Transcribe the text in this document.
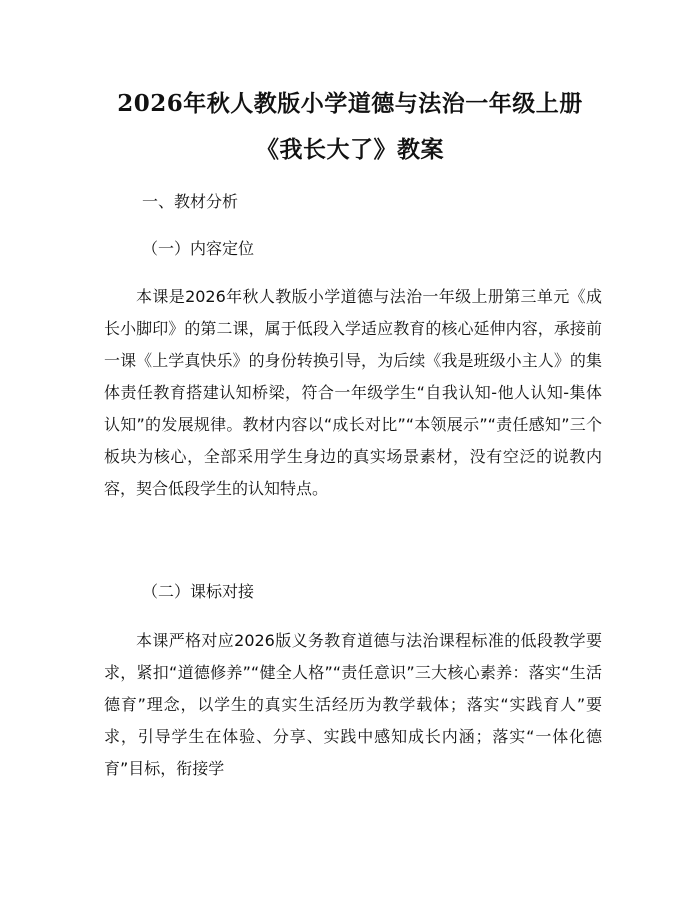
2026年秋人教版小学道德与法治一年级上册
《我长大了》教案

一、教材分析

（一）内容定位

本课是2026年秋人教版小学道德与法治一年级上册第三单元《成长小脚印》的第二课，属于低段入学适应教育的核心延伸内容，承接前一课《上学真快乐》的身份转换引导，为后续《我是班级小主人》的集体责任教育搭建认知桥梁，符合一年级学生“自我认知-他人认知-集体认知”的发展规律。教材内容以“成长对比”“本领展示”“责任感知”三个板块为核心，全部采用学生身边的真实场景素材，没有空泛的说教内容，契合低段学生的认知特点。

（二）课标对接

本课严格对应2026版义务教育道德与法治课程标准的低段教学要求，紧扣“道德修养”“健全人格”“责任意识”三大核心素养：落实“生活德育”理念，以学生的真实生活经历为教学载体；落实“实践育人”要求，引导学生在体验、分享、实践中感知成长内涵；落实“一体化德育”目标，衔接学
